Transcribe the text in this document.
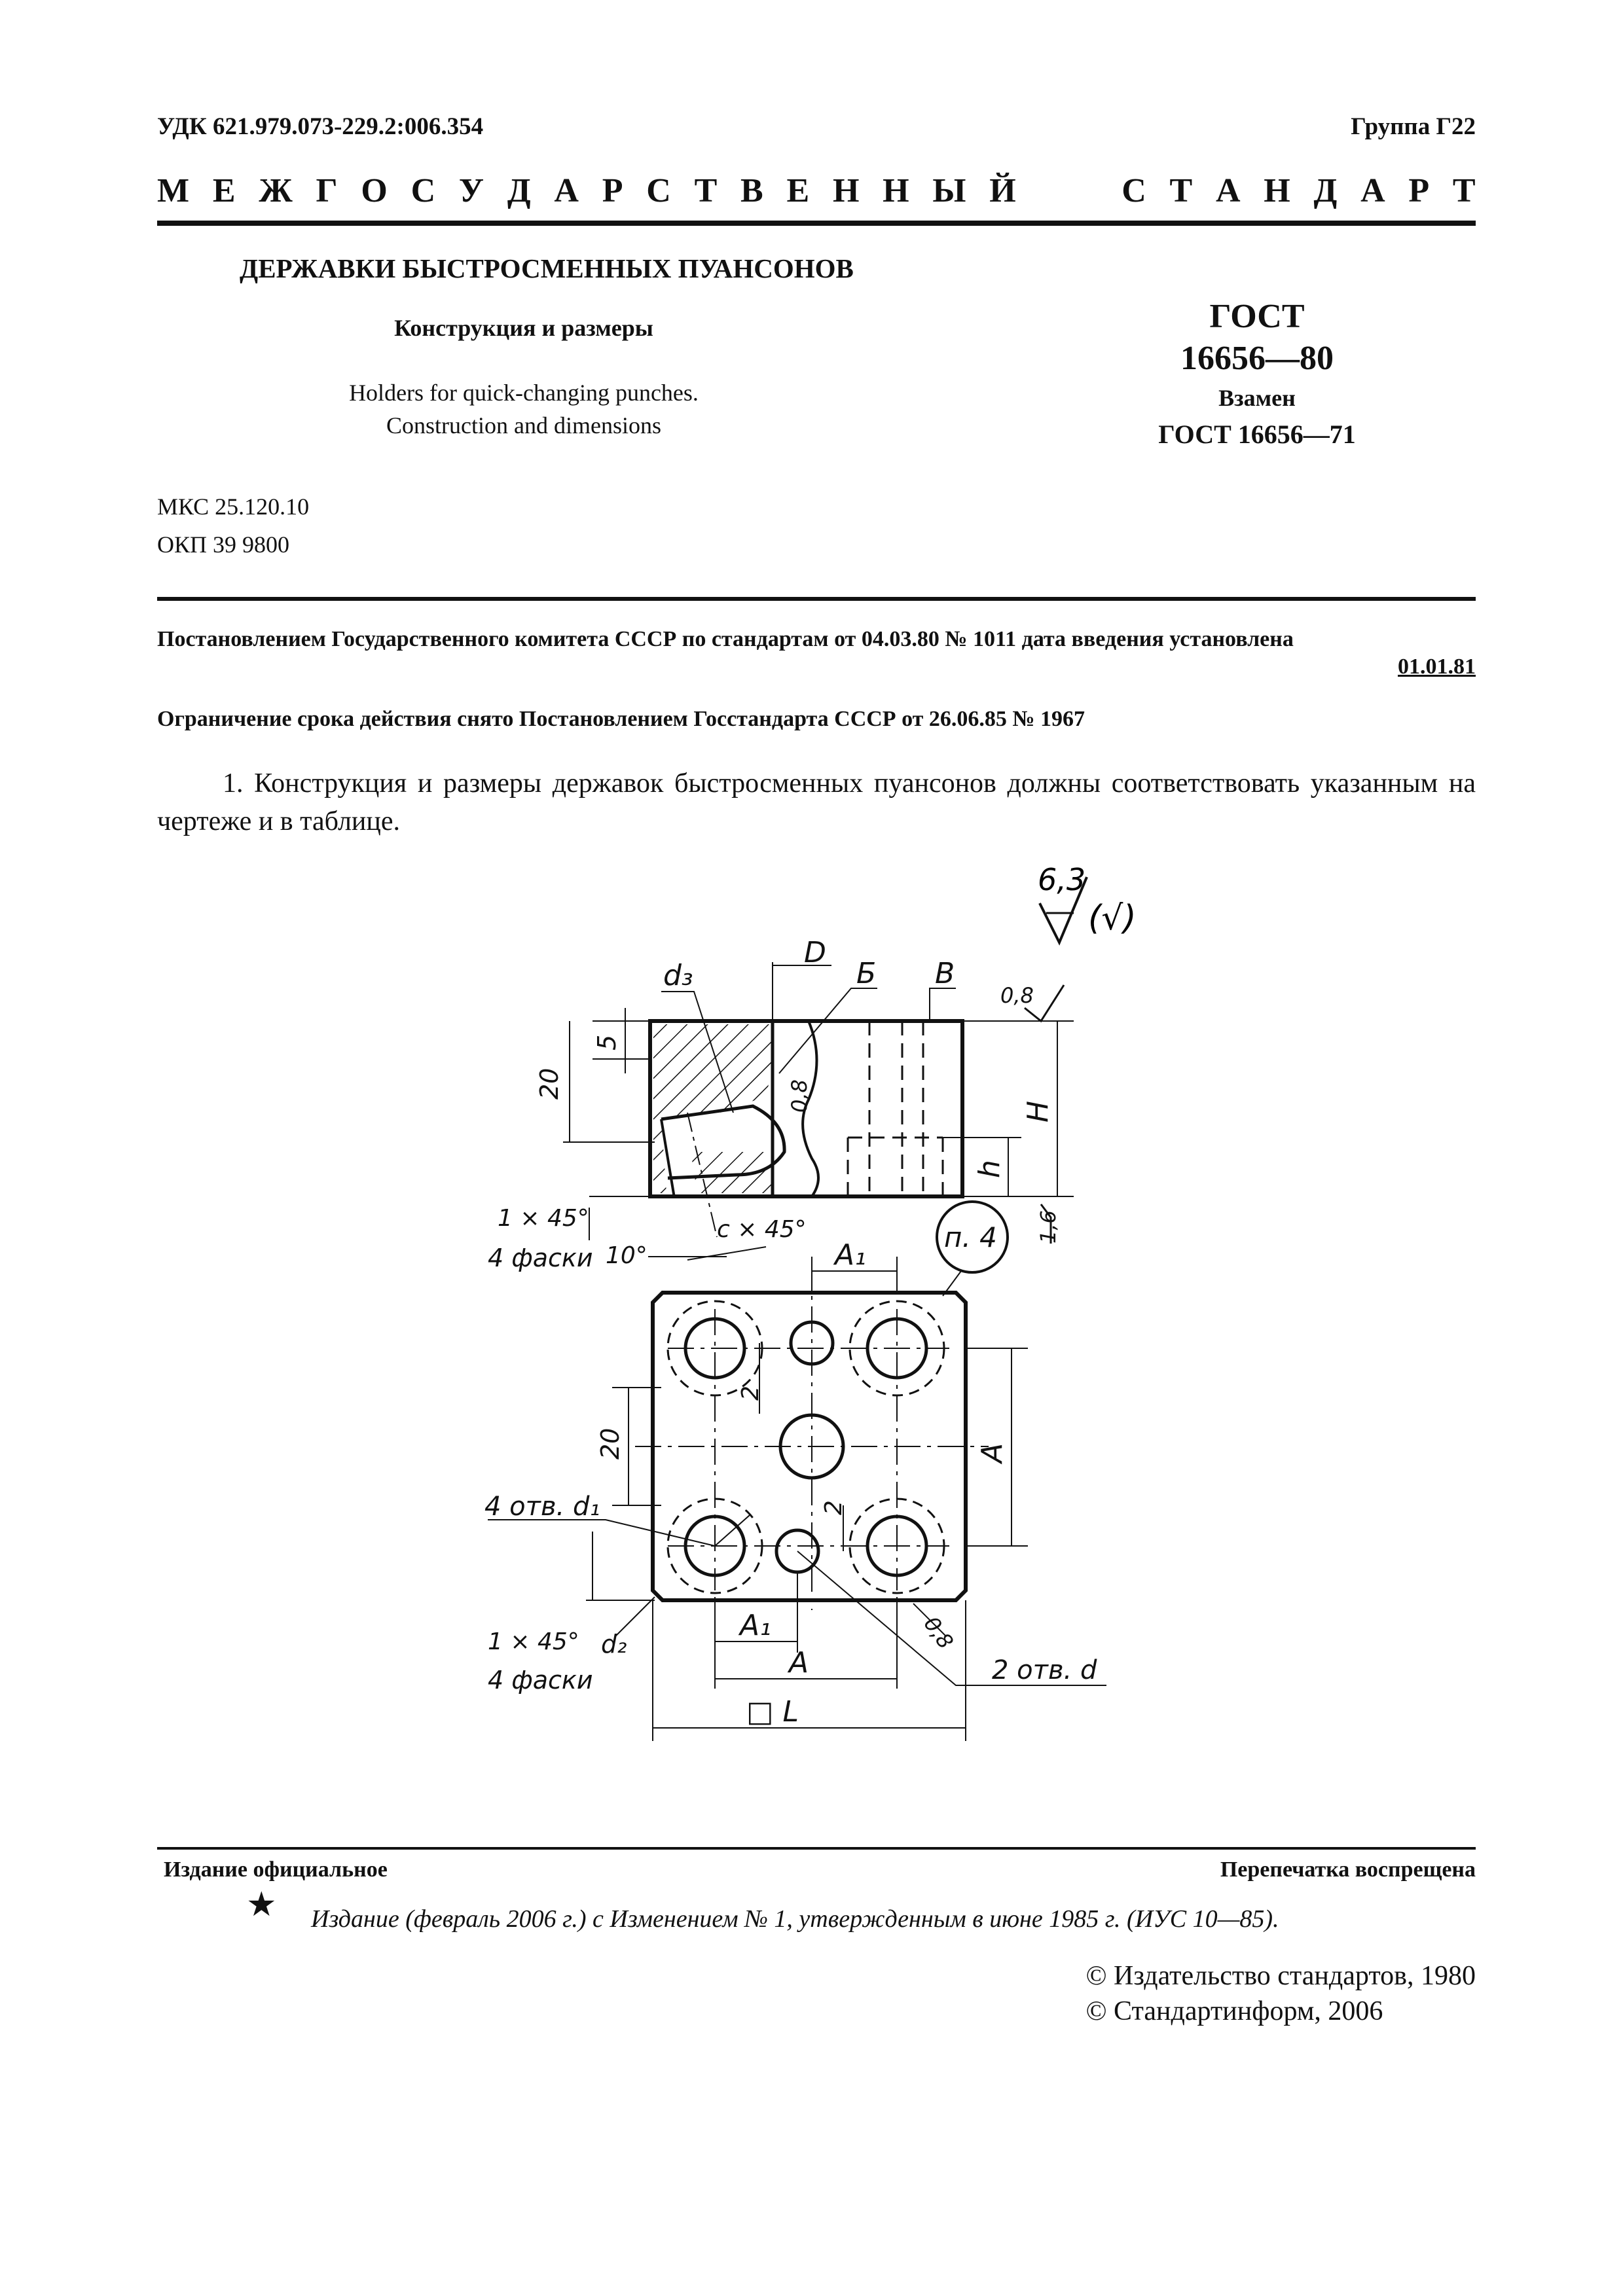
УДК 621.979.073-229.2:006.354	Группа Г22
М Е Ж Г О С У Д А Р С Т В Е Н Н Ы Й	С Т А Н Д А Р Т
ДЕРЖАВКИ БЫСТРОСМЕННЫХ ПУАНСОНОВ
Конструкция и размеры
Holders for quick-changing punches.
Construction and dimensions
ГОСТ
16656—80
Взамен
ГОСТ 16656—71
МКС 25.120.10
ОКП 39 9800
Постановлением Государственного комитета СССР по стандартам от 04.03.80 № 1011 дата введения установлена
01.01.81
Ограничение срока действия снято Постановлением Госстандарта СССР от 26.06.85 № 1967
1. Конструкция и размеры державок быстросменных пуансонов должны соответствовать указанным на чертеже и в таблице.
6,3
(√)
d₃
D
Б В
0,8
5
20	0,8	H
h
1 × 45°
4 фаски 10°
c × 45°	1,6
п. 4
A₁
2
20	A
4 отв. d₁	2
1 × 45° d₂
4 фаски
A₁
A
0,8
2 отв. d
□ L
Издание официальное	Перепечатка воспрещена
★ Издание (февраль 2006 г.) с Изменением № 1, утвержденным в июне 1985 г. (ИУС 10—85).
© Издательство стандартов, 1980
© Стандартинформ, 2006
